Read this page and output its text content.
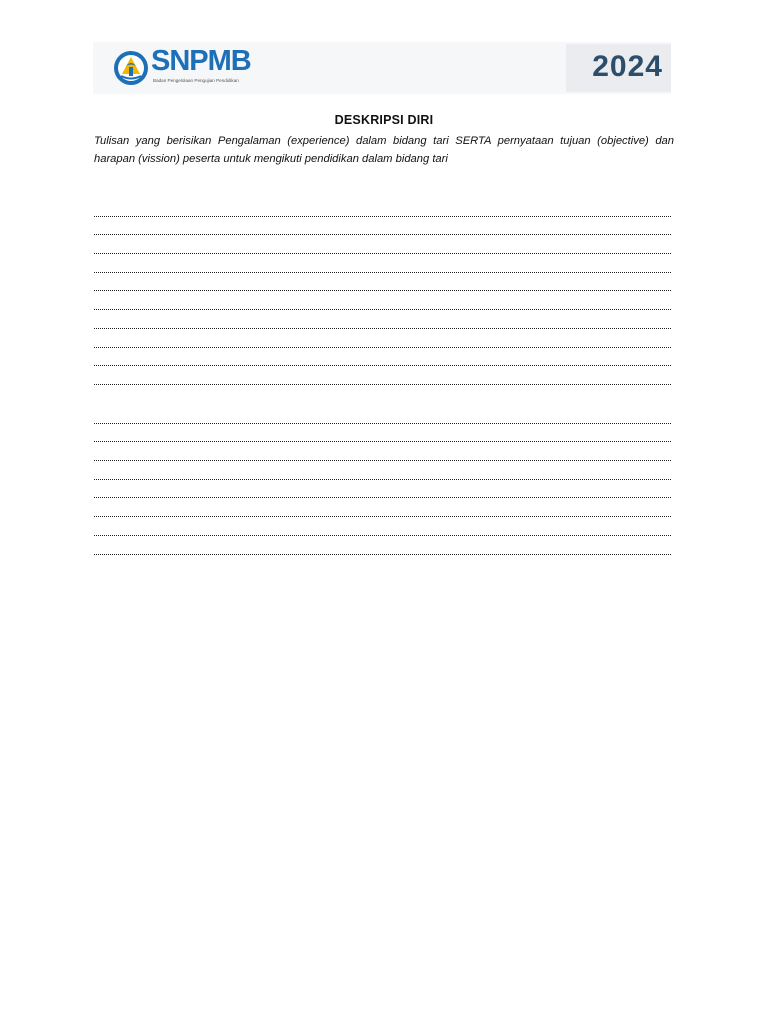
SNPMB
Badan Pengelolaan Pengujian Pendidikan	2024
DESKRIPSI DIRI
Tulisan yang berisikan Pengalaman (experience) dalam bidang tari SERTA pernyataan tujuan (objective) dan harapan (vission) peserta untuk mengikuti pendidikan dalam bidang tari
